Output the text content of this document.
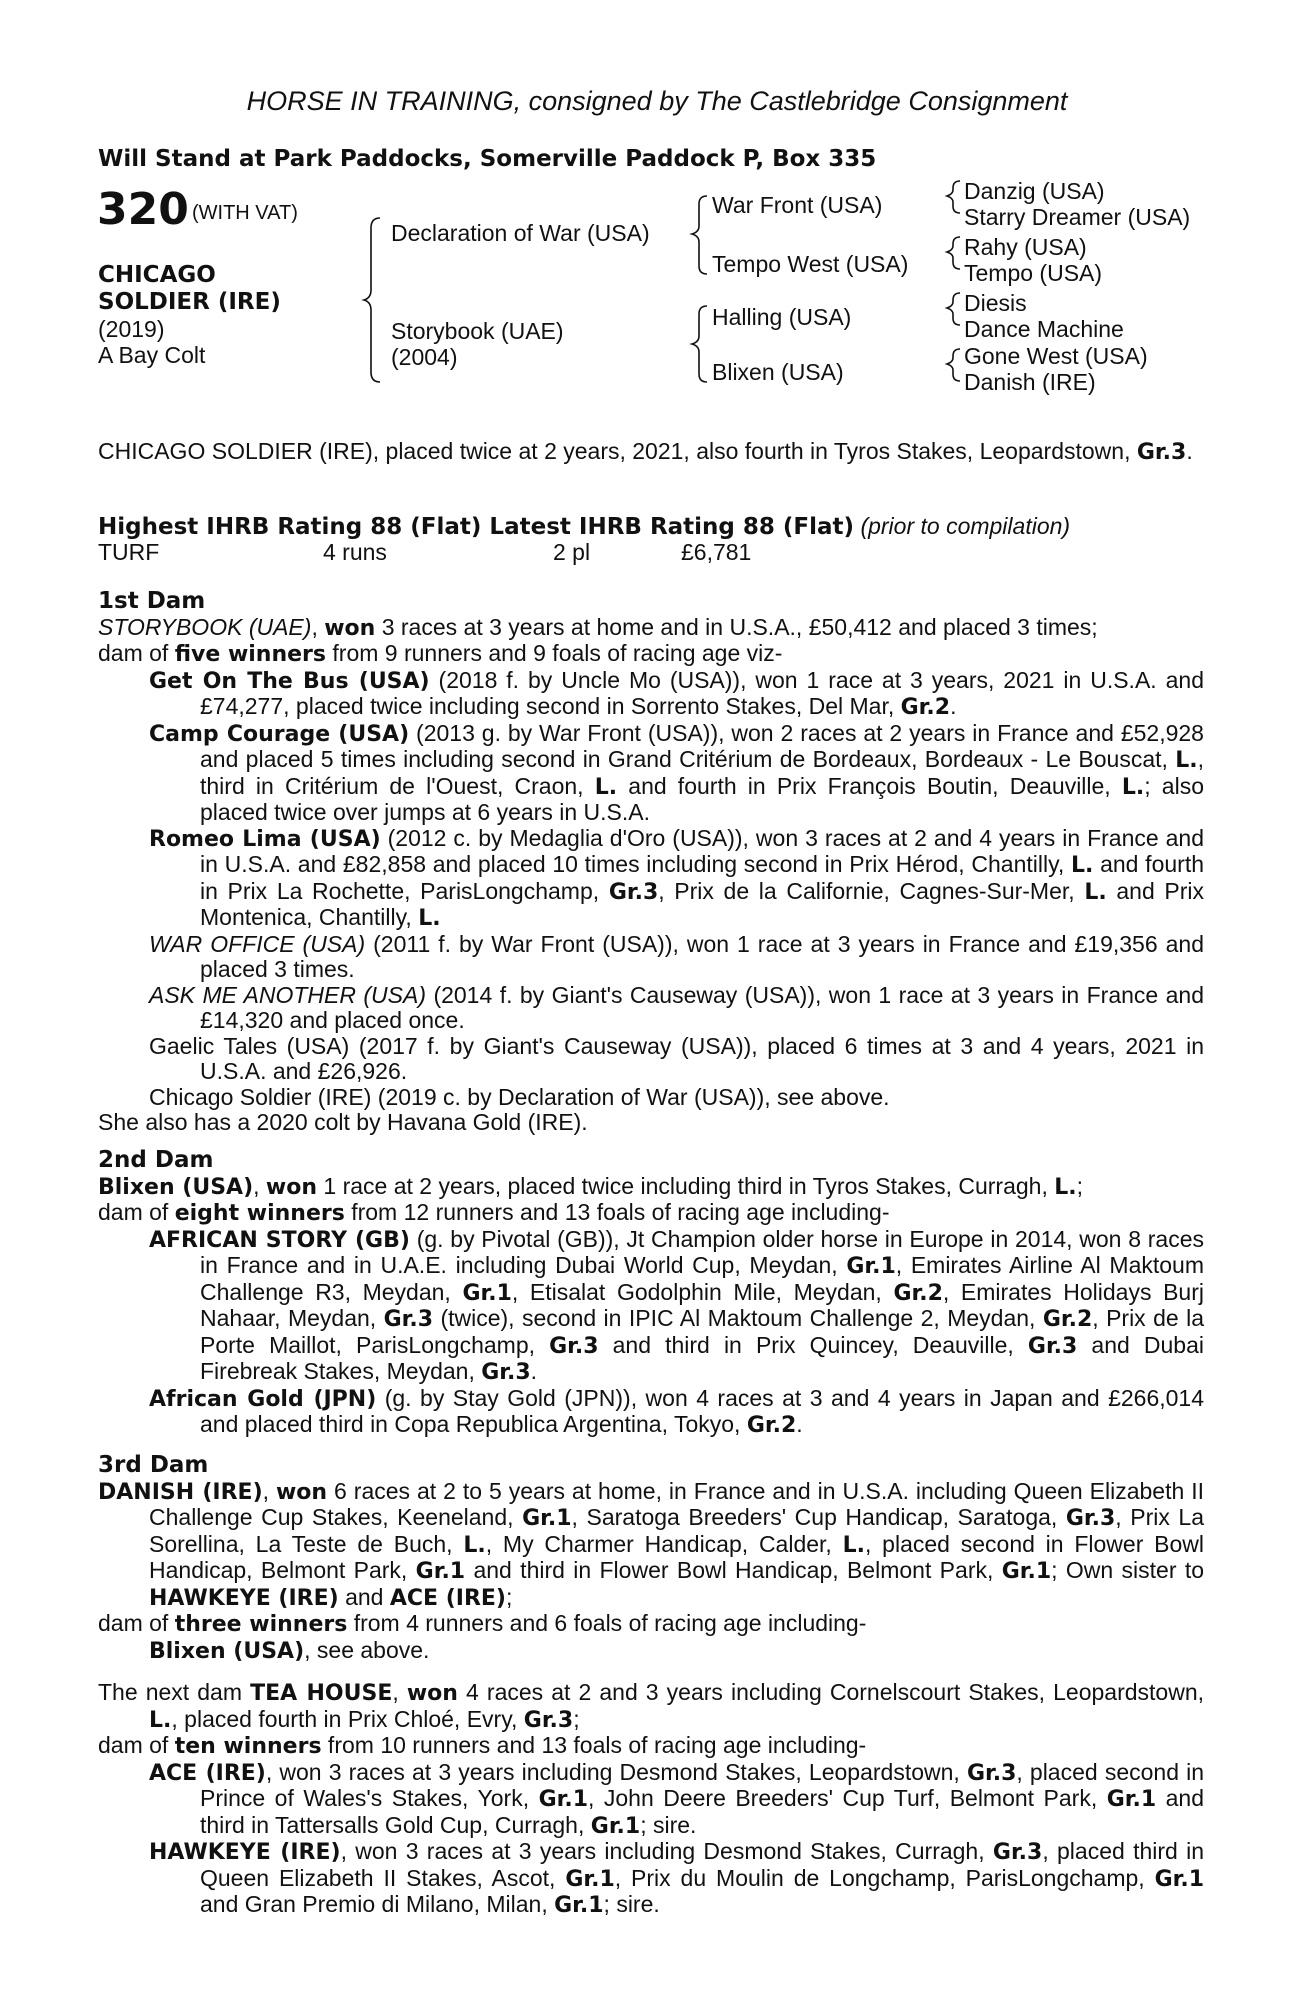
HORSE IN TRAINING, consigned by The Castlebridge Consignment
Will Stand at Park Paddocks, Somerville Paddock P, Box 335
320 (WITH VAT)
CHICAGO
SOLDIER (IRE)
(2019)
A Bay Colt
Declaration of War (USA)
Storybook (UAE)
(2004)
War Front (USA)
Tempo West (USA)
Halling (USA)
Blixen (USA)
Danzig (USA)
Starry Dreamer (USA)
Rahy (USA)
Tempo (USA)
Diesis
Dance Machine
Gone West (USA)
Danish (IRE)
CHICAGO SOLDIER (IRE), placed twice at 2 years, 2021, also fourth in Tyros Stakes, Leopardstown, Gr.3.
Highest IHRB Rating 88 (Flat) Latest IHRB Rating 88 (Flat) (prior to compilation)
TURF	4 runs	2 pl	£6,781

1st Dam

STORYBOOK (UAE), won 3 races at 3 years at home and in U.S.A., £50,412 and placed 3 times;

dam of five winners from 9 runners and 9 foals of racing age viz-

Get On The Bus (USA) (2018 f. by Uncle Mo (USA)), won 1 race at 3 years, 2021 in U.S.A. and £74,277, placed twice including second in Sorrento Stakes, Del Mar, Gr.2.

Camp Courage (USA) (2013 g. by War Front (USA)), won 2 races at 2 years in France and £52,928 and placed 5 times including second in Grand Critérium de Bordeaux, Bordeaux - Le Bouscat, L., third in Critérium de l'Ouest, Craon, L. and fourth in Prix François Boutin, Deauville, L.; also placed twice over jumps at 6 years in U.S.A.

Romeo Lima (USA) (2012 c. by Medaglia d'Oro (USA)), won 3 races at 2 and 4 years in France and in U.S.A. and £82,858 and placed 10 times including second in Prix Hérod, Chantilly, L. and fourth in Prix La Rochette, ParisLongchamp, Gr.3, Prix de la Californie, Cagnes-Sur-Mer, L. and Prix Montenica, Chantilly, L.

WAR OFFICE (USA) (2011 f. by War Front (USA)), won 1 race at 3 years in France and £19,356 and placed 3 times.

ASK ME ANOTHER (USA) (2014 f. by Giant's Causeway (USA)), won 1 race at 3 years in France and £14,320 and placed once.

Gaelic Tales (USA) (2017 f. by Giant's Causeway (USA)), placed 6 times at 3 and 4 years, 2021 in U.S.A. and £26,926.

Chicago Soldier (IRE) (2019 c. by Declaration of War (USA)), see above.

She also has a 2020 colt by Havana Gold (IRE).

2nd Dam

Blixen (USA), won 1 race at 2 years, placed twice including third in Tyros Stakes, Curragh, L.;

dam of eight winners from 12 runners and 13 foals of racing age including-

AFRICAN STORY (GB) (g. by Pivotal (GB)), Jt Champion older horse in Europe in 2014, won 8 races in France and in U.A.E. including Dubai World Cup, Meydan, Gr.1, Emirates Airline Al Maktoum Challenge R3, Meydan, Gr.1, Etisalat Godolphin Mile, Meydan, Gr.2, Emirates Holidays Burj Nahaar, Meydan, Gr.3 (twice), second in IPIC Al Maktoum Challenge 2, Meydan, Gr.2, Prix de la Porte Maillot, ParisLongchamp, Gr.3 and third in Prix Quincey, Deauville, Gr.3 and Dubai Firebreak Stakes, Meydan, Gr.3.

African Gold (JPN) (g. by Stay Gold (JPN)), won 4 races at 3 and 4 years in Japan and £266,014 and placed third in Copa Republica Argentina, Tokyo, Gr.2.

3rd Dam

DANISH (IRE), won 6 races at 2 to 5 years at home, in France and in U.S.A. including Queen Elizabeth II Challenge Cup Stakes, Keeneland, Gr.1, Saratoga Breeders' Cup Handicap, Saratoga, Gr.3, Prix La Sorellina, La Teste de Buch, L., My Charmer Handicap, Calder, L., placed second in Flower Bowl Handicap, Belmont Park, Gr.1 and third in Flower Bowl Handicap, Belmont Park, Gr.1; Own sister to HAWKEYE (IRE) and ACE (IRE);

dam of three winners from 4 runners and 6 foals of racing age including-

Blixen (USA), see above.

The next dam TEA HOUSE, won 4 races at 2 and 3 years including Cornelscourt Stakes, Leopardstown, L., placed fourth in Prix Chloé, Evry, Gr.3;

dam of ten winners from 10 runners and 13 foals of racing age including-

ACE (IRE), won 3 races at 3 years including Desmond Stakes, Leopardstown, Gr.3, placed second in Prince of Wales's Stakes, York, Gr.1, John Deere Breeders' Cup Turf, Belmont Park, Gr.1 and third in Tattersalls Gold Cup, Curragh, Gr.1; sire.

HAWKEYE (IRE), won 3 races at 3 years including Desmond Stakes, Curragh, Gr.3, placed third in Queen Elizabeth II Stakes, Ascot, Gr.1, Prix du Moulin de Longchamp, ParisLongchamp, Gr.1 and Gran Premio di Milano, Milan, Gr.1; sire.
